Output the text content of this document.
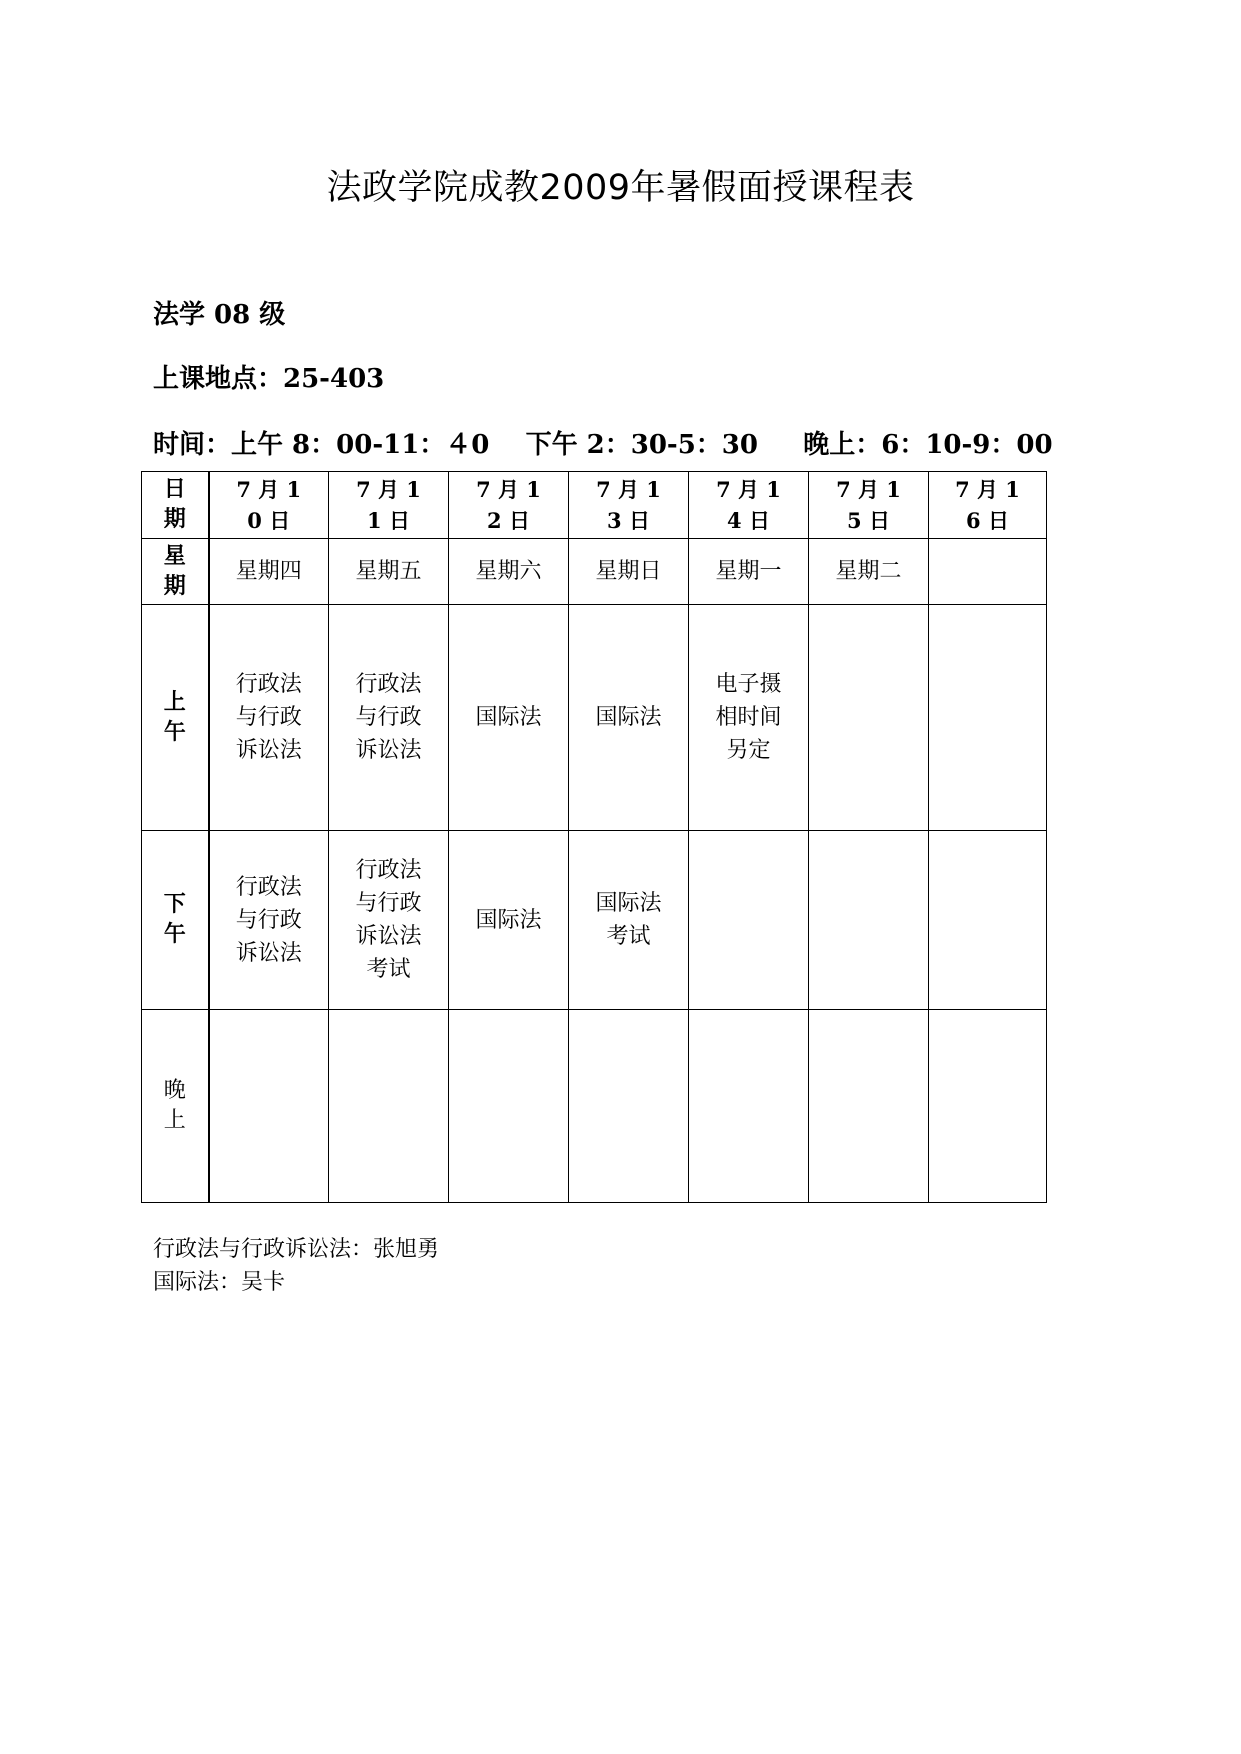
法政学院成教2009年暑假面授课程表
法学 08 级
上课地点：25-403
时间：上午 8：00-11：４0    下午 2：30-5：30     晚上：6：10-9：00
日期	7 月 10 日	7 月 11 日	7 月 12 日	7 月 13 日	7 月 14 日	7 月 15 日	7 月 16 日
星期	星期四	星期五	星期六	星期日	星期一	星期二	
上午	行政法与行政诉讼法	行政法与行政诉讼法	国际法	国际法	电子摄相时间另定		
下午	行政法与行政诉讼法	行政法与行政诉讼法考试	国际法	国际法考试			
晚上							
行政法与行政诉讼法：张旭勇
国际法：吴卡
